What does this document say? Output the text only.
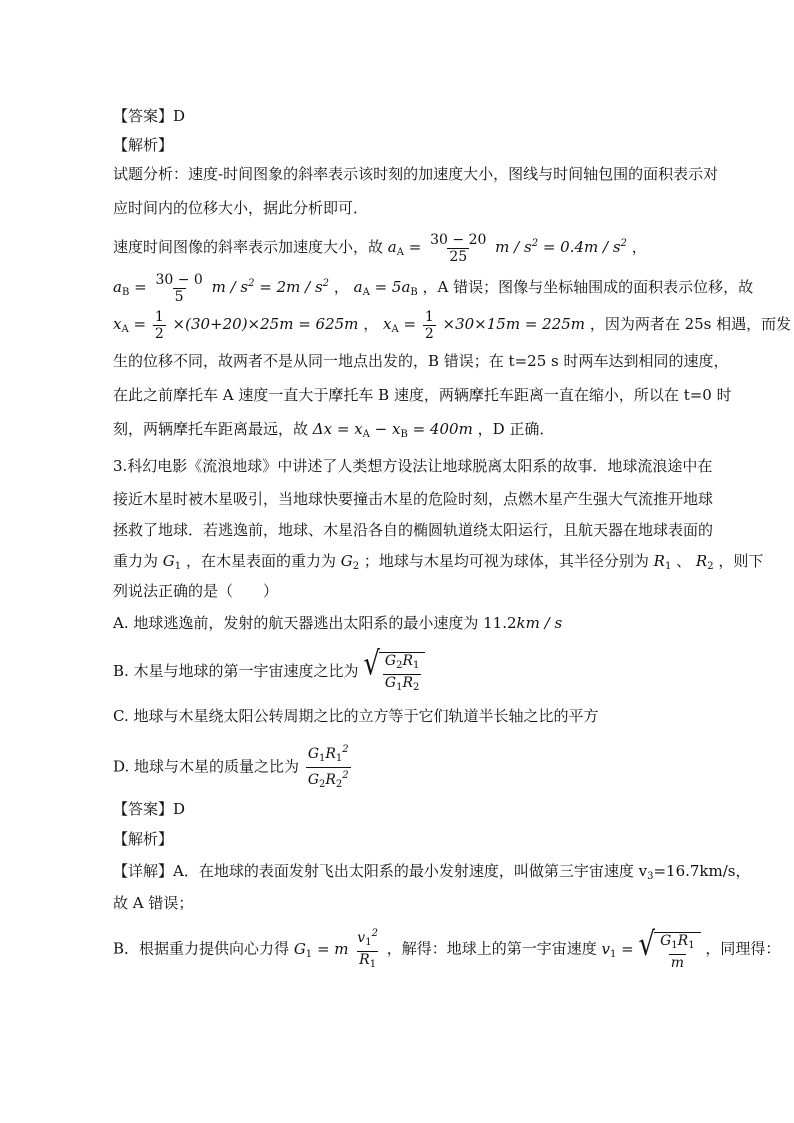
【答案】D
【解析】
试题分析：速度-时间图象的斜率表示该时刻的加速度大小，图线与时间轴包围的面积表示对
应时间内的位移大小，据此分析即可．
速度时间图像的斜率表示加速度大小，故 $a_A = \frac{30 - 20}{25}$ $m / s^2 = 0.4m / s^2$ ，
$a_B = \frac{30 - 0}{5}$ $m / s^2 = 2m / s^2$ ， $a_A = 5a_B$ ，A 错误；图像与坐标轴围成的面积表示位移，故
$x_A = \frac{1}{2} \times(30+20)\times 25m = 625m$ ， $x_A = \frac{1}{2} \times 30\times 15m = 225m$ ，因为两者在 25s 相遇，而发
生的位移不同，故两者不是从同一地点出发的，B 错误；在 t=25 s 时两车达到相同的速度，
在此之前摩托车 A 速度一直大于摩托车 B 速度，两辆摩托车距离一直在缩小，所以在 t=0 时
刻，两辆摩托车距离最远，故 $\Delta x = x_A - x_B = 400m$ ，D 正确．
3.科幻电影《流浪地球》中讲述了人类想方设法让地球脱离太阳系的故事．地球流浪途中在
接近木星时被木星吸引，当地球快要撞击木星的危险时刻，点燃木星产生强大气流推开地球
拯救了地球．若逃逸前，地球、木星沿各自的椭圆轨道绕太阳运行，且航天器在地球表面的
重力为 $G_1$ ，在木星表面的重力为 $G_2$ ；地球与木星均可视为球体，其半径分别为 $R_1$ 、 $R_2$ ，则下
列说法正确的是（　　）
A. 地球逃逸前，发射的航天器逃出太阳系的最小速度为 11.2km / s
B. 木星与地球的第一宇宙速度之比为 √ $\frac{G_2R_1}{G_1R_2}$
C. 地球与木星绕太阳公转周期之比的立方等于它们轨道半长轴之比的平方
D. 地球与木星的质量之比为 $\frac{G_1R_1^2}{G_2R_2^2}$
【答案】D
【解析】
【详解】A．在地球的表面发射飞出太阳系的最小发射速度，叫做第三宇宙速度 $v_3=16.7km/s$，
故 A 错误；
B．根据重力提供向心力得 $G_1 = m \frac{v_1^2}{R_1}$ ，解得：地球上的第一宇宙速度 $v_1$ = √ $\frac{G_1R_1}{m}$ ，同理得：
